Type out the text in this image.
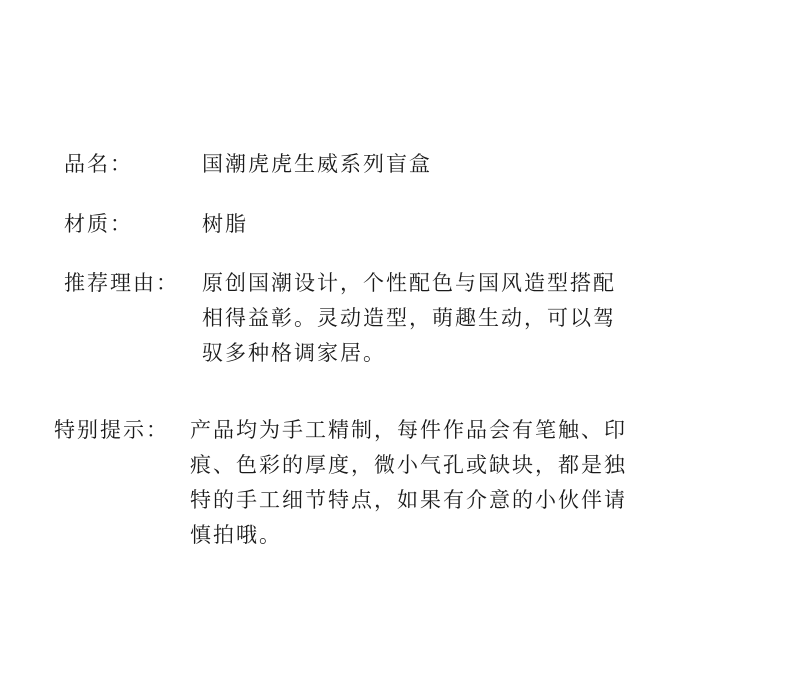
品名：	国潮虎虎生威系列盲盒
材质：	树脂
推荐理由： 原创国潮设计，个性配色与国风造型搭配
相得益彰。灵动造型，萌趣生动，可以驾
驭多种格调家居。
特别提示： 产品均为手工精制，每件作品会有笔触、印
痕、色彩的厚度，微小气孔或缺块，都是独
特的手工细节特点，如果有介意的小伙伴请
慎拍哦。
